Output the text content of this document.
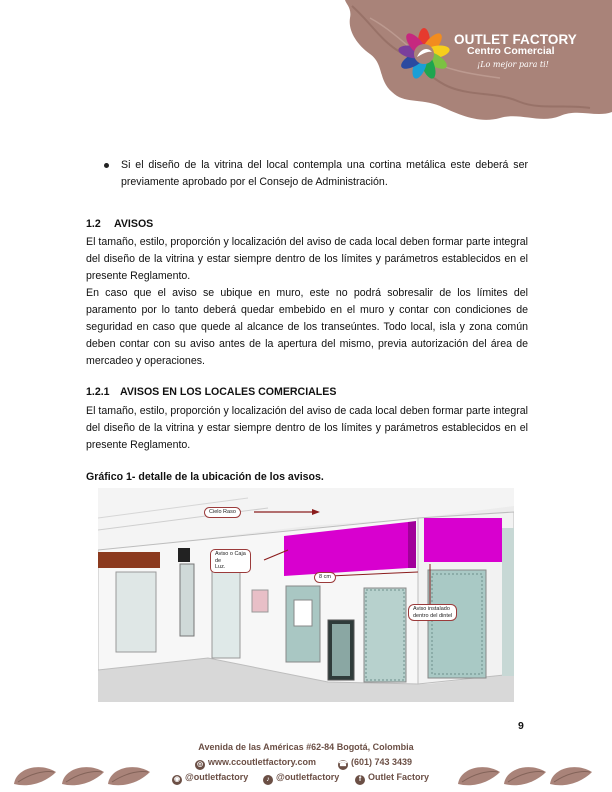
OUTLET FACTORY
Centro Comercial
¡Lo mejor para ti!
Si el diseño de la vitrina del local contempla una cortina metálica este deberá ser previamente aprobado por el Consejo de Administración.
1.2 AVISOS
El tamaño, estilo, proporción y localización del aviso de cada local deben formar parte integral del diseño de la vitrina y estar siempre dentro de los límites y parámetros establecidos en el presente Reglamento.
En caso que el aviso se ubique en muro, este no podrá sobresalir de los límites del paramento por lo tanto deberá quedar embebido en el muro y contar con condiciones de seguridad en caso que quede al alcance de los transeúntes. Todo local, isla y zona común deben contar con su aviso antes de la apertura del mismo, previa autorización del área de mercadeo y operaciones.
1.2.1 AVISOS EN LOS LOCALES COMERCIALES
El tamaño, estilo, proporción y localización del aviso de cada local deben formar parte integral del diseño de la vitrina y estar siempre dentro de los límites y parámetros establecidos en el presente Reglamento.
Gráfico 1- detalle de la ubicación de los avisos.
Cielo Raso
Aviso o Caja
de
Luz.
8 cm
Aviso instalado
dentro del dintel
9
Avenida de las Américas #62-84 Bogotá, Colombia
◎ www.ccoutletfactory.com	☎ (601) 743 3439
◉ @outletfactory	♪ @outletfactory	f Outlet Factory
